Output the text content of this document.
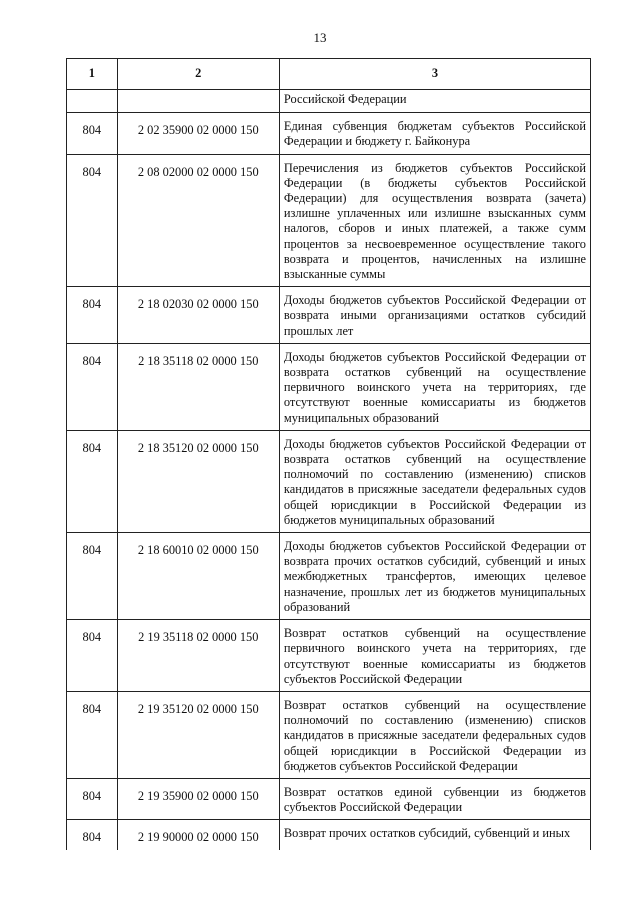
13
1	2	3
		Российской Федерации
804	2 02 35900 02 0000 150	Единая субвенция бюджетам субъектов Российской Федерации и бюджету г. Байконура
804	2 08 02000 02 0000 150	Перечисления из бюджетов субъектов Российской Федерации (в бюджеты субъектов Российской Федерации) для осуществления возврата (зачета) излишне уплаченных или излишне взысканных сумм налогов, сборов и иных платежей, а также сумм процентов за несвоевременное осуществление такого возврата и процентов, начисленных на излишне взысканные суммы
804	2 18 02030 02 0000 150	Доходы бюджетов субъектов Российской Федерации от возврата иными организациями остатков субсидий прошлых лет
804	2 18 35118 02 0000 150	Доходы бюджетов субъектов Российской Федерации от возврата остатков субвенций на осуществление первичного воинского учета на территориях, где отсутствуют военные комиссариаты из бюджетов муниципальных образований
804	2 18 35120 02 0000 150	Доходы бюджетов субъектов Российской Федерации от возврата остатков субвенций на осуществление полномочий по составлению (изменению) списков кандидатов в присяжные заседатели федеральных судов общей юрисдикции в Российской Федерации из бюджетов муниципальных образований
804	2 18 60010 02 0000 150	Доходы бюджетов субъектов Российской Федерации от возврата прочих остатков субсидий, субвенций и иных межбюджетных трансфертов, имеющих целевое назначение, прошлых лет из бюджетов муниципальных образований
804	2 19 35118 02 0000 150	Возврат остатков субвенций на осуществление первичного воинского учета на территориях, где отсутствуют военные комиссариаты из бюджетов субъектов Российской Федерации
804	2 19 35120 02 0000 150	Возврат остатков субвенций на осуществление полномочий по составлению (изменению) списков кандидатов в присяжные заседатели федеральных судов общей юрисдикции в Российской Федерации из бюджетов субъектов Российской Федерации
804	2 19 35900 02 0000 150	Возврат остатков единой субвенции из бюджетов субъектов Российской Федерации
804	2 19 90000 02 0000 150	Возврат прочих остатков субсидий, субвенций и иных
